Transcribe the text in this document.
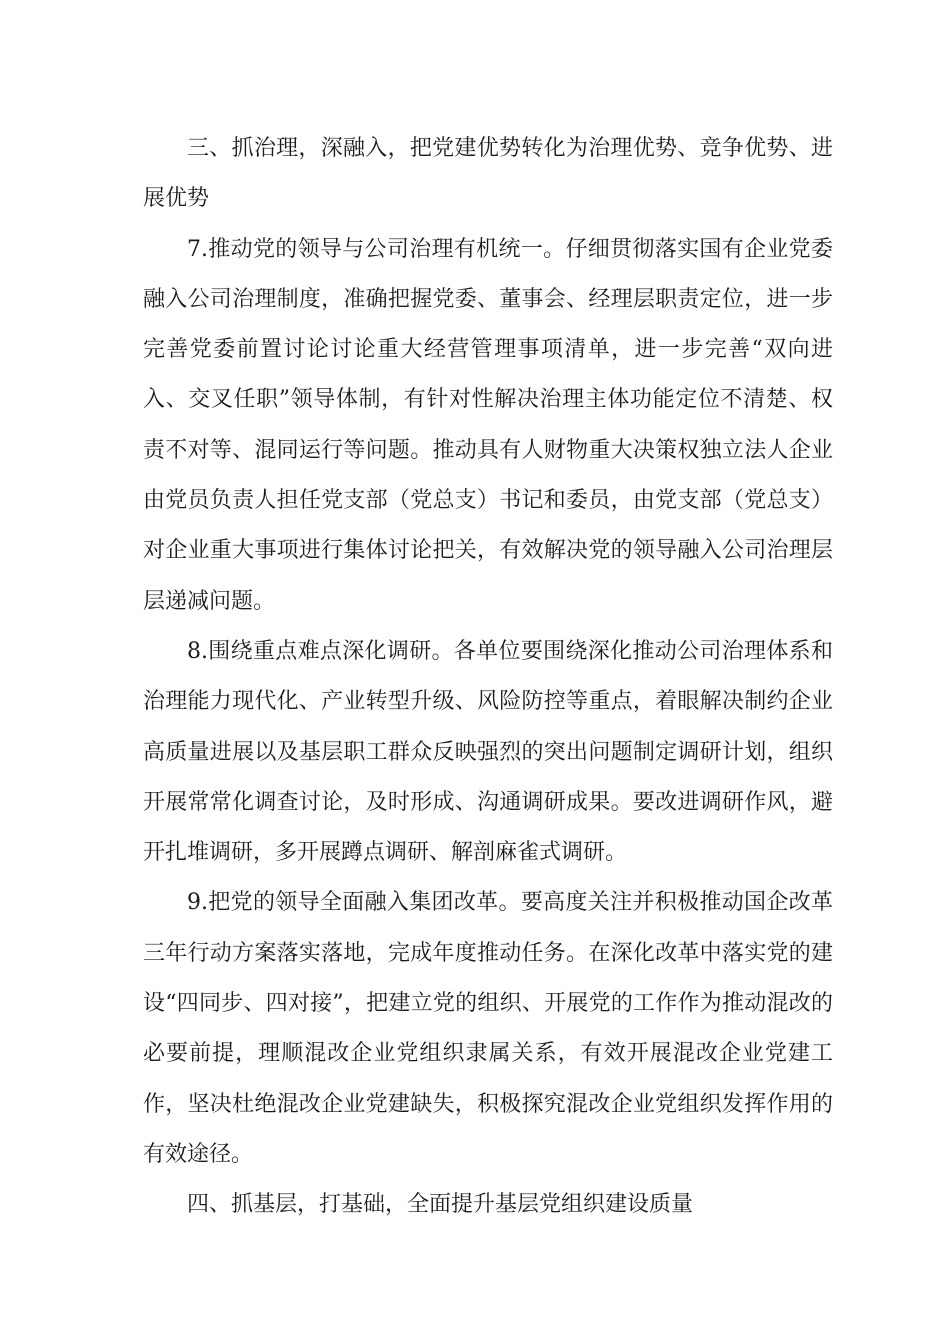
三、抓治理，深融入，把党建优势转化为治理优势、竞争优势、进展优势

7.推动党的领导与公司治理有机统一。仔细贯彻落实国有企业党委融入公司治理制度，准确把握党委、董事会、经理层职责定位，进一步完善党委前置讨论讨论重大经营管理事项清单，进一步完善“双向进入、交叉任职”领导体制，有针对性解决治理主体功能定位不清楚、权责不对等、混同运行等问题。推动具有人财物重大决策权独立法人企业由党员负责人担任党支部（党总支）书记和委员，由党支部（党总支）对企业重大事项进行集体讨论把关，有效解决党的领导融入公司治理层层递减问题。

8.围绕重点难点深化调研。各单位要围绕深化推动公司治理体系和治理能力现代化、产业转型升级、风险防控等重点，着眼解决制约企业高质量进展以及基层职工群众反映强烈的突出问题制定调研计划，组织开展常常化调查讨论，及时形成、沟通调研成果。要改进调研作风，避开扎堆调研，多开展蹲点调研、解剖麻雀式调研。

9.把党的领导全面融入集团改革。要高度关注并积极推动国企改革三年行动方案落实落地，完成年度推动任务。在深化改革中落实党的建设“四同步、四对接”，把建立党的组织、开展党的工作作为推动混改的必要前提，理顺混改企业党组织隶属关系，有效开展混改企业党建工作，坚决杜绝混改企业党建缺失，积极探究混改企业党组织发挥作用的有效途径。

四、抓基层，打基础，全面提升基层党组织建设质量
